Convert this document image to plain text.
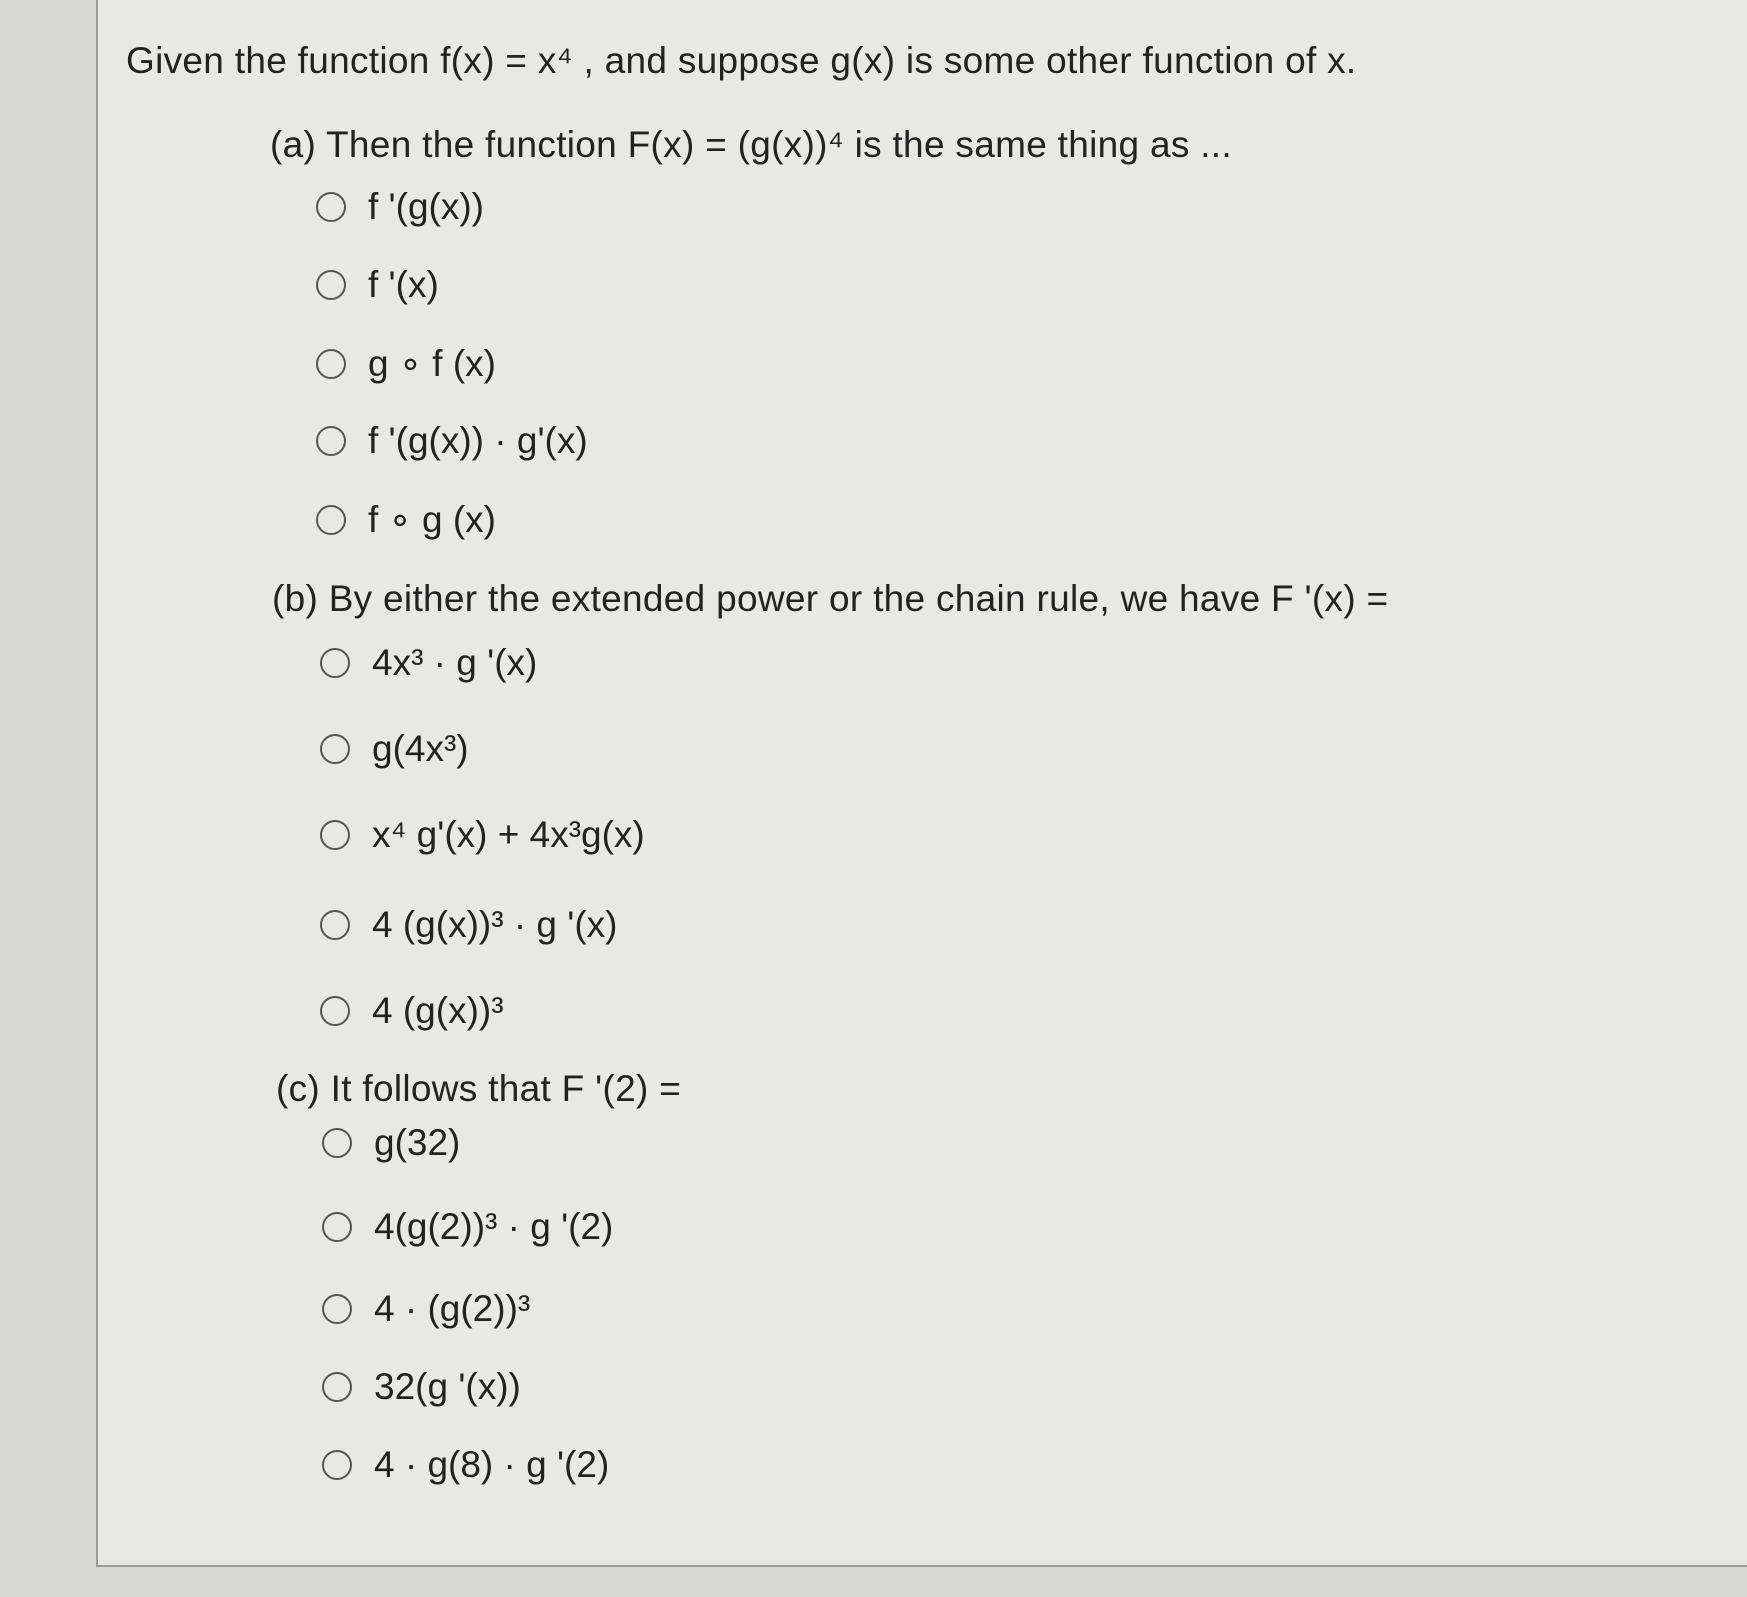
Given the function f(x) = x⁴ , and suppose g(x) is some other function of x.
(a) Then the function F(x) = (g(x))⁴ is the same thing as ...
f '(g(x))
f '(x)
g ∘ f (x)
f '(g(x)) · g'(x)
f ∘ g (x)
(b) By either the extended power or the chain rule, we have F '(x) =
4x³ · g '(x)
g(4x³)
x⁴ g'(x) + 4x³g(x)
4 (g(x))³ · g '(x)
4 (g(x))³
(c) It follows that F '(2) =
g(32)
4(g(2))³ · g '(2)
4 · (g(2))³
32(g '(x))
4 · g(8) · g '(2)
